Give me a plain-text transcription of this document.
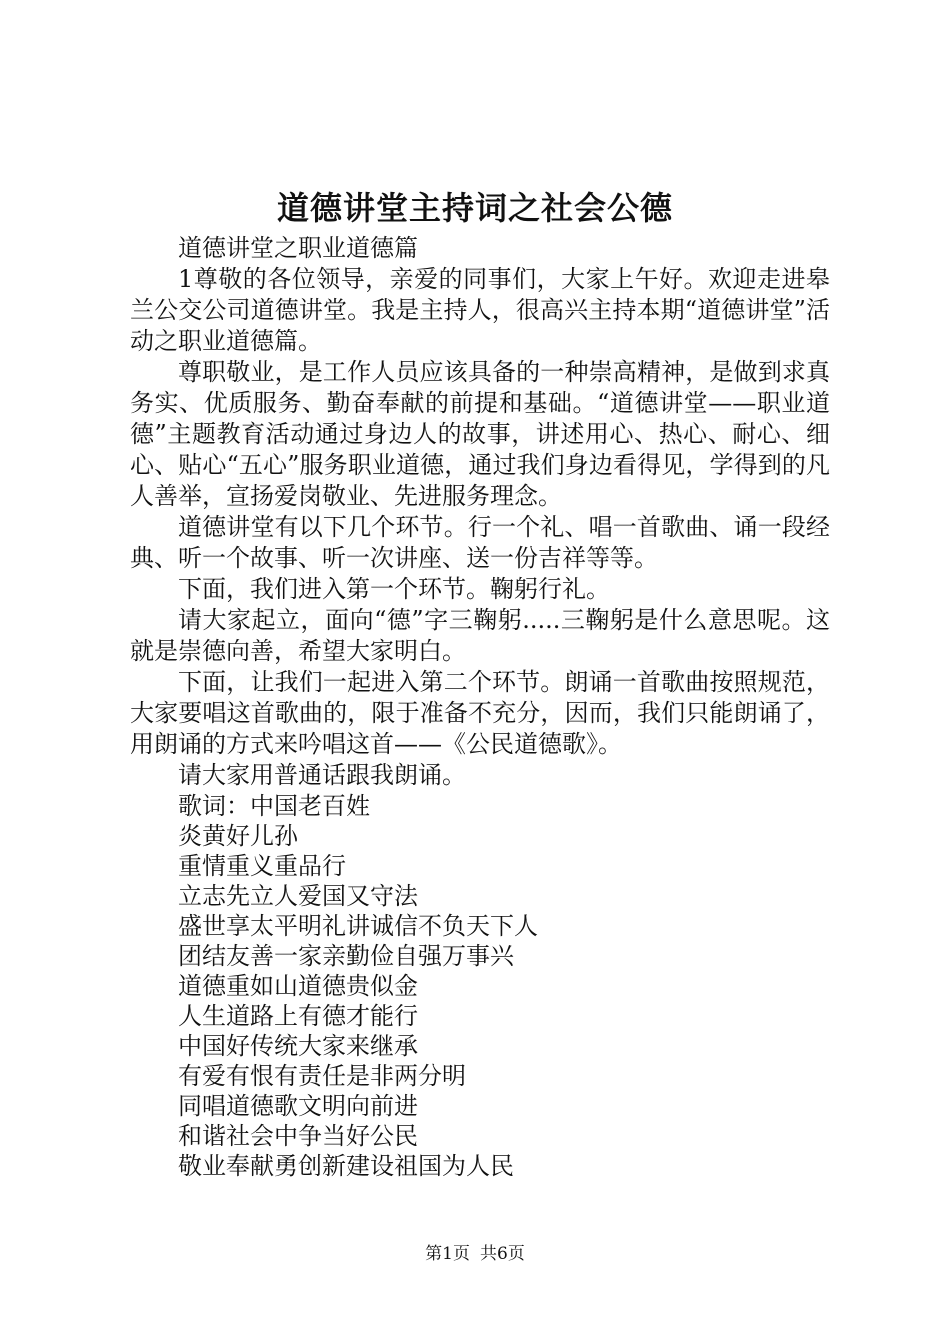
道德讲堂主持词之社会公德

道德讲堂之职业道德篇

1尊敬的各位领导，亲爱的同事们，大家上午好。欢迎走进皋兰公交公司道德讲堂。我是主持人，很高兴主持本期“道德讲堂”活动之职业道德篇。

尊职敬业，是工作人员应该具备的一种崇高精神，是做到求真务实、优质服务、勤奋奉献的前提和基础。“道德讲堂——职业道德”主题教育活动通过身边人的故事，讲述用心、热心、耐心、细心、贴心“五心”服务职业道德，通过我们身边看得见，学得到的凡人善举，宣扬爱岗敬业、先进服务理念。

道德讲堂有以下几个环节。行一个礼、唱一首歌曲、诵一段经典、听一个故事、听一次讲座、送一份吉祥等等。

下面，我们进入第一个环节。鞠躬行礼。

请大家起立，面向“德”字三鞠躬.....三鞠躬是什么意思呢。这就是崇德向善，希望大家明白。

下面，让我们一起进入第二个环节。朗诵一首歌曲按照规范，大家要唱这首歌曲的，限于准备不充分，因而，我们只能朗诵了，用朗诵的方式来吟唱这首——《公民道德歌》。

请大家用普通话跟我朗诵。

歌词：中国老百姓

炎黄好儿孙

重情重义重品行

立志先立人爱国又守法

盛世享太平明礼讲诚信不负天下人

团结友善一家亲勤俭自强万事兴

道德重如山道德贵似金

人生道路上有德才能行

中国好传统大家来继承

有爱有恨有责任是非两分明

同唱道德歌文明向前进

和谐社会中争当好公民

敬业奉献勇创新建设祖国为人民

第1页 共6页
